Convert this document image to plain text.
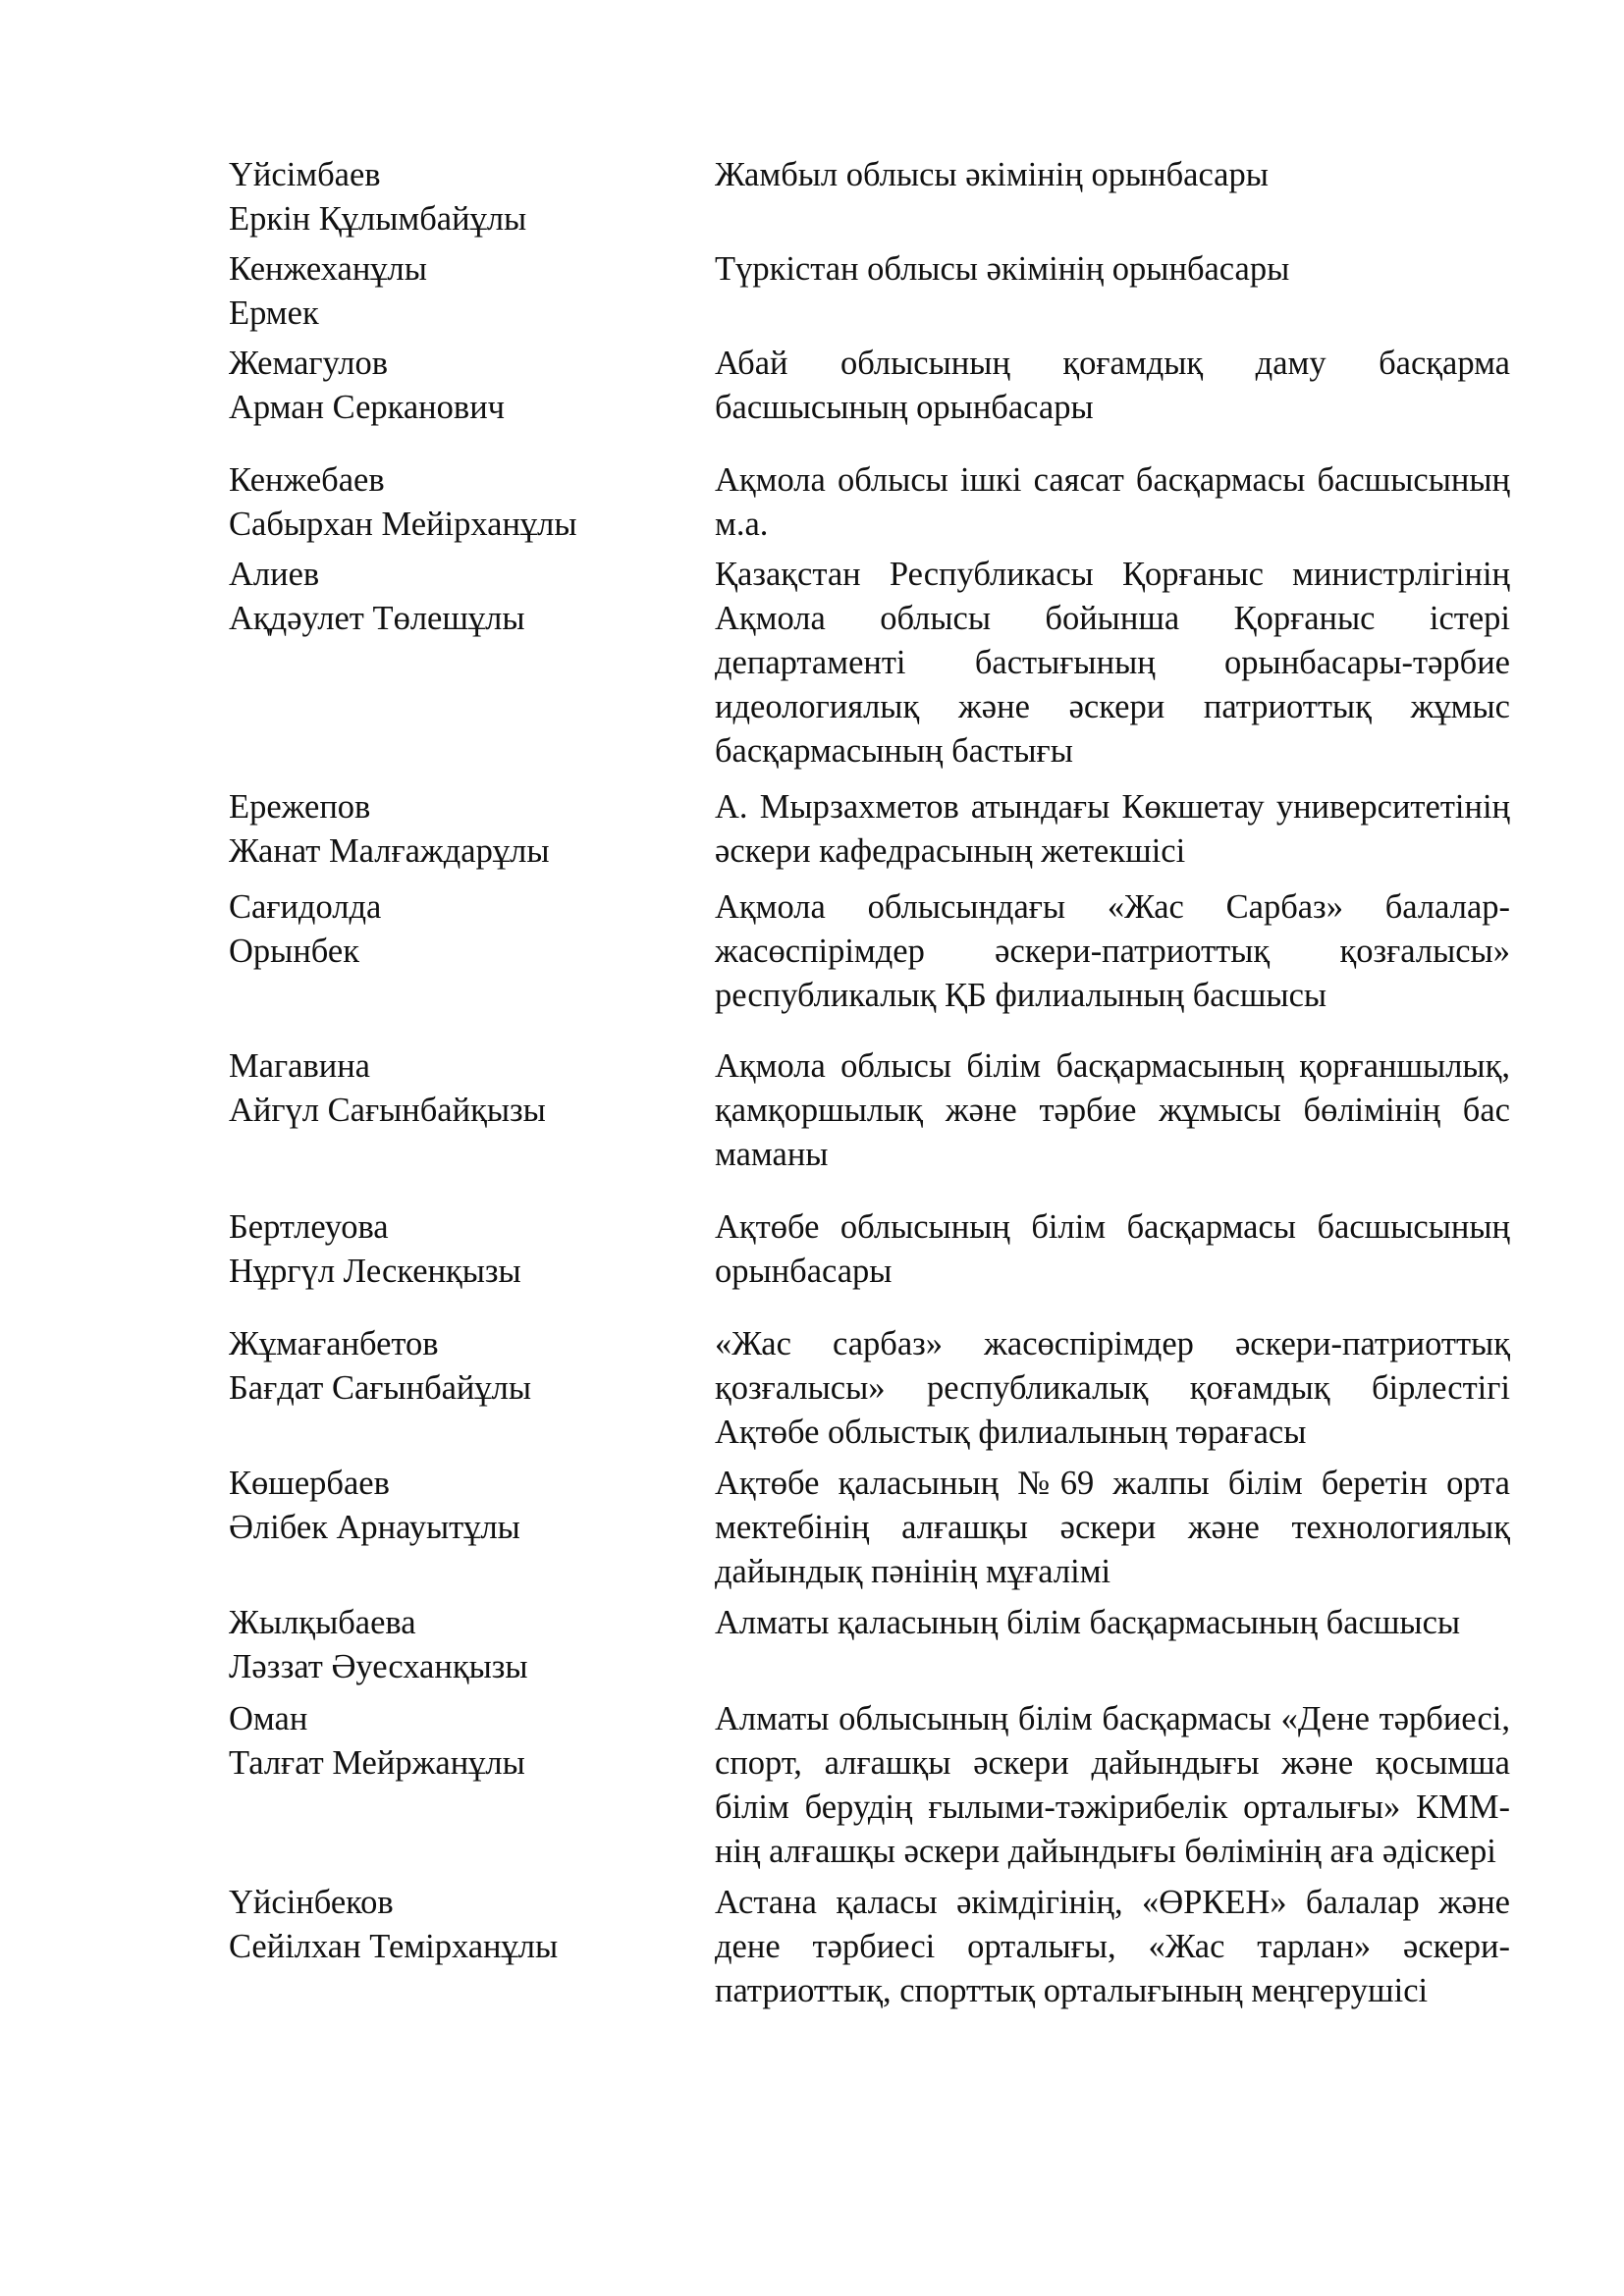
Үйсімбаев
Еркін Құлымбайұлы
Жамбыл облысы әкімінің орынбасары
Кенжеханұлы
Ермек
Түркістан облысы әкімінің орынбасары
Жемагулов
Арман Серканович
Абай облысының қоғамдық даму басқарма басшысының орынбасары
Кенжебаев
Сабырхан Мейірханұлы
Ақмола облысы ішкі саясат басқармасы басшысының м.а.
Алиев
Ақдәулет Төлешұлы
Қазақстан Республикасы Қорғаныс министрлігінің Ақмола облысы бойынша Қорғаныс істері департаменті бастығының орынбасары-тәрбие идеологиялық және әскери патриоттық жұмыс басқармасының бастығы
Ережепов
Жанат Малғаждарұлы
А. Мырзахметов атындағы Көкшетау университетінің әскери кафедрасының жетекшісі
Сағидолда
Орынбек
Ақмола облысындағы «Жас Сарбаз» балалар-жасөспірімдер әскери-патриоттық қозғалысы» республикалық ҚБ филиалының басшысы
Магавина
Айгүл Сағынбайқызы
Ақмола облысы білім басқармасының қорғаншылық, қамқоршылық және тәрбие жұмысы бөлімінің бас маманы
Бертлеуова
Нұргүл Лескенқызы
Ақтөбе облысының білім басқармасы басшысының орынбасары
Жұмағанбетов
Бағдат Сағынбайұлы
«Жас сарбаз» жасөспірімдер әскери-патриоттық қозғалысы» республикалық қоғамдық бірлестігі Ақтөбе облыстық филиалының төрағасы
Көшербаев
Әлібек Арнауытұлы
Ақтөбе қаласының №69 жалпы білім беретін орта мектебінің алғашқы әскери және технологиялық дайындық пәнінің мұғалімі
Жылқыбаева
Ләззат Әуесханқызы
Алматы қаласының білім басқармасының басшысы
Оман
Талғат Мейржанұлы
Алматы облысының білім басқармасы «Дене тәрбиесі, спорт, алғашқы әскери дайындығы және қосымша білім берудің ғылыми-тәжірибелік орталығы» КММ-нің алғашқы әскери дайындығы бөлімінің аға әдіскері
Үйсінбеков
Сейілхан Темірханұлы
Астана қаласы әкімдігінің, «ӨРКЕН» балалар және дене тәрбиесі орталығы, «Жас тарлан» әскери-патриоттық, спорттық орталығының меңгерушісі
